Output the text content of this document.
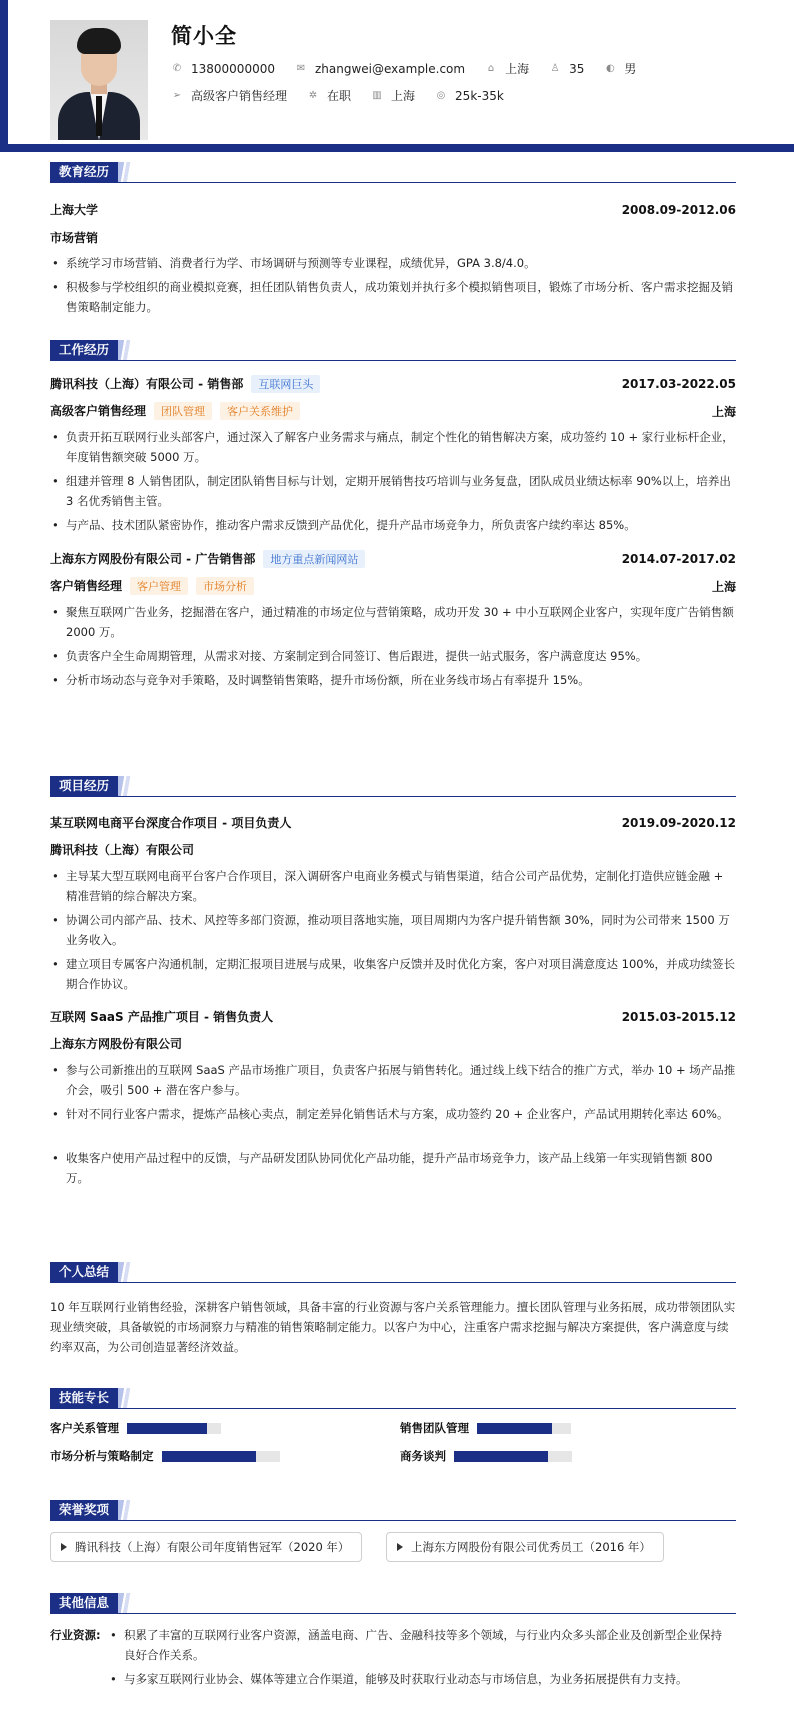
简小全
✆ 13800000000 ✉ zhangwei@example.com ⌂ 上海 ♙ 35 ◐ 男
➢ 高级客户销售经理 ✲ 在职 ▥ 上海 ◎ 25k-35k
教育经历
上海大学	2008.09-2012.06
市场营销
• 系统学习市场营销、消费者行为学、市场调研与预测等专业课程，成绩优异，GPA 3.8/4.0。
• 积极参与学校组织的商业模拟竞赛，担任团队销售负责人，成功策划并执行多个模拟销售项目，锻炼了市场分析、客户需求挖掘及销售策略制定能力。
工作经历
腾讯科技（上海）有限公司 - 销售部 互联网巨头	2017.03-2022.05
高级客户销售经理 团队管理 客户关系维护	上海
• 负责开拓互联网行业头部客户，通过深入了解客户业务需求与痛点，制定个性化的销售解决方案，成功签约 10 + 家行业标杆企业，年度销售额突破 5000 万。
• 组建并管理 8 人销售团队，制定团队销售目标与计划，定期开展销售技巧培训与业务复盘，团队成员业绩达标率 90%以上，培养出 3 名优秀销售主管。
• 与产品、技术团队紧密协作，推动客户需求反馈到产品优化，提升产品市场竞争力，所负责客户续约率达 85%。
上海东方网股份有限公司 - 广告销售部 地方重点新闻网站	2014.07-2017.02
客户销售经理 客户管理 市场分析	上海
• 聚焦互联网广告业务，挖掘潜在客户，通过精准的市场定位与营销策略，成功开发 30 + 中小互联网企业客户，实现年度广告销售额 2000 万。
• 负责客户全生命周期管理，从需求对接、方案制定到合同签订、售后跟进，提供一站式服务，客户满意度达 95%。
• 分析市场动态与竞争对手策略，及时调整销售策略，提升市场份额，所在业务线市场占有率提升 15%。
项目经历
某互联网电商平台深度合作项目 - 项目负责人	2019.09-2020.12
腾讯科技（上海）有限公司
• 主导某大型互联网电商平台客户合作项目，深入调研客户电商业务模式与销售渠道，结合公司产品优势，定制化打造供应链金融 + 精准营销的综合解决方案。
• 协调公司内部产品、技术、风控等多部门资源，推动项目落地实施，项目周期内为客户提升销售额 30%，同时为公司带来 1500 万业务收入。
• 建立项目专属客户沟通机制，定期汇报项目进展与成果，收集客户反馈并及时优化方案，客户对项目满意度达 100%，并成功续签长期合作协议。
互联网 SaaS 产品推广项目 - 销售负责人	2015.03-2015.12
上海东方网股份有限公司
• 参与公司新推出的互联网 SaaS 产品市场推广项目，负责客户拓展与销售转化。通过线上线下结合的推广方式，举办 10 + 场产品推介会，吸引 500 + 潜在客户参与。
• 针对不同行业客户需求，提炼产品核心卖点，制定差异化销售话术与方案，成功签约 20 + 企业客户，产品试用期转化率达 60%。
• 收集客户使用产品过程中的反馈，与产品研发团队协同优化产品功能，提升产品市场竞争力，该产品上线第一年实现销售额 800 万。
个人总结
10 年互联网行业销售经验，深耕客户销售领域，具备丰富的行业资源与客户关系管理能力。擅长团队管理与业务拓展，成功带领团队实现业绩突破，具备敏锐的市场洞察力与精准的销售策略制定能力。以客户为中心，注重客户需求挖掘与解决方案提供，客户满意度与续约率双高，为公司创造显著经济效益。
技能专长
客户关系管理	销售团队管理
市场分析与策略制定	商务谈判
荣誉奖项
腾讯科技（上海）有限公司年度销售冠军（2020 年）	上海东方网股份有限公司优秀员工（2016 年）
其他信息
行业资源:
•	积累了丰富的互联网行业客户资源，涵盖电商、广告、金融科技等多个领域，与行业内众多头部企业及创新型企业保持良好合作关系。
• 与多家互联网行业协会、媒体等建立合作渠道，能够及时获取行业动态与市场信息，为业务拓展提供有力支持。
